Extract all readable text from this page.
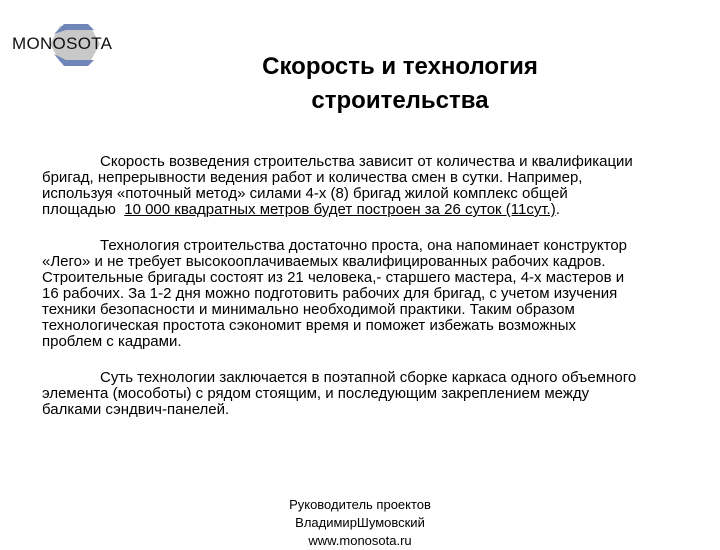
MONOSOTA
Скорость и технология
строительства
Скорость возведения строительства зависит от количества и квалификации
бригад, непрерывности ведения работ и количества смен в сутки. Например,
используя «поточный метод» силами 4-х (8) бригад жилой комплекс общей
площадью  10 000 квадратных метров будет построен за 26 суток (11сут.).
Технология строительства достаточно проста, она напоминает конструктор
«Лего» и не требует высокооплачиваемых квалифицированных рабочих кадров.
Строительные бригады состоят из 21 человека,- старшего мастера, 4-х мастеров и
16 рабочих. За 1-2 дня можно подготовить рабочих для бригад, с учетом изучения
техники безопасности и минимально необходимой практики. Таким образом
технологическая простота сэкономит время и поможет избежать возможных
проблем с кадрами.
Суть технологии заключается в поэтапной сборке каркаса одного объемного
элемента (мособоты) с рядом стоящим, и последующим закреплением между
балками сэндвич-панелей.
Руководитель проектов
ВладимирШумовский
www.monosota.ru
